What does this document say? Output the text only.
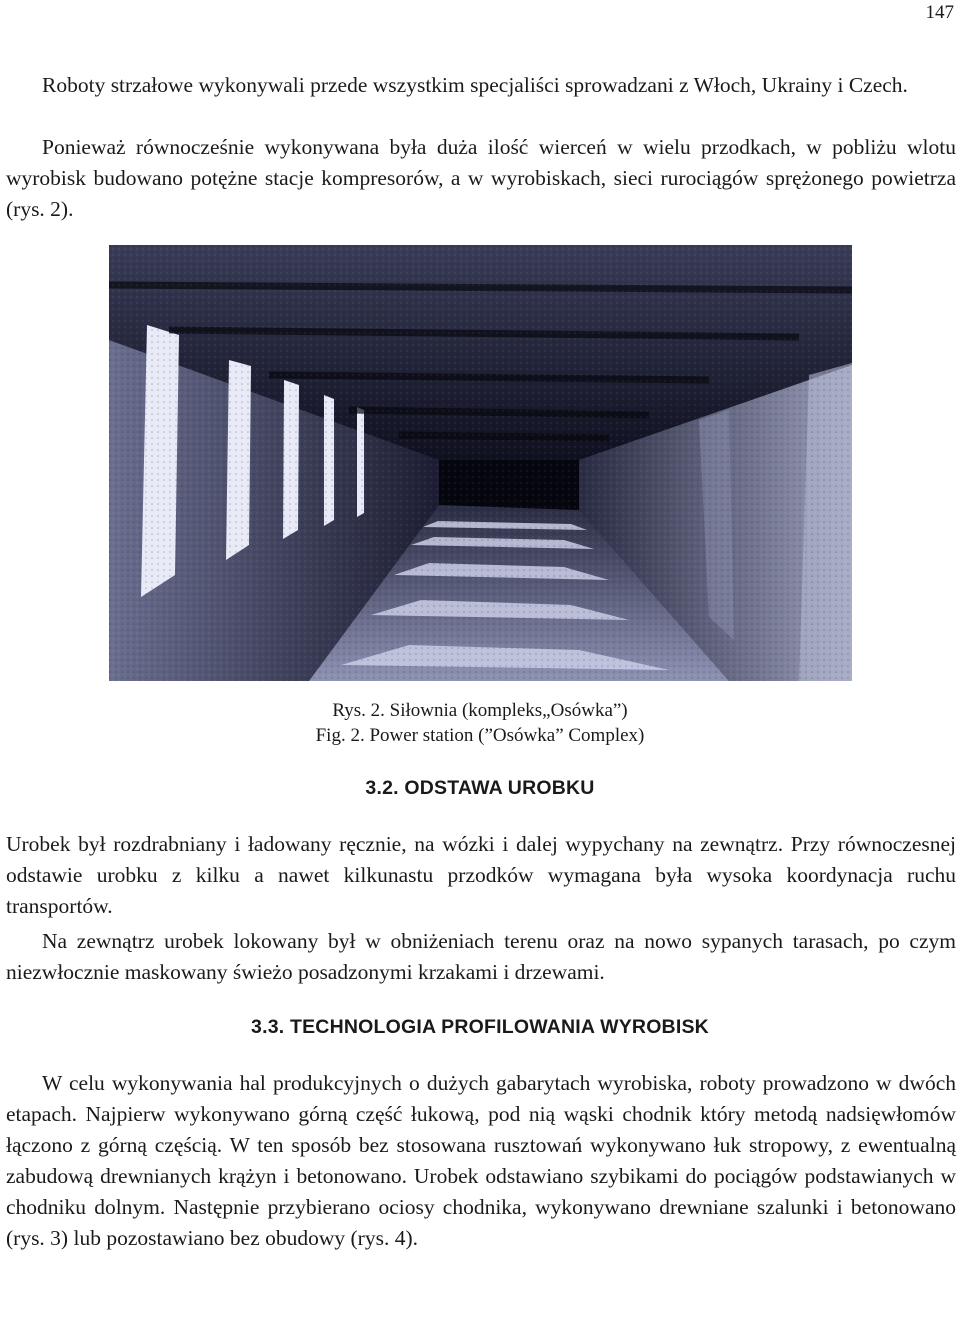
147

Roboty strzałowe wykonywali przede wszystkim specjaliści sprowadzani z Włoch, Ukrainy i Czech.

Ponieważ równocześnie wykonywana była duża ilość wierceń w wielu przodkach, w pobliżu wlotu wyrobisk budowano potężne stacje kompresorów, a w wyrobiskach, sieci rurociągów sprężonego powietrza (rys. 2).

Rys. 2. Siłownia (kompleks„Osówka”)

Fig. 2. Power station (”Osówka” Complex)

3.2. ODSTAWA UROBKU

Urobek był rozdrabniany i ładowany ręcznie, na wózki i dalej wypychany na zewnątrz. Przy równoczesnej odstawie urobku z kilku a nawet kilkunastu przodków wymagana była wysoka koordynacja ruchu transportów.

Na zewnątrz urobek lokowany był w obniżeniach terenu oraz na nowo sypanych tarasach, po czym niezwłocznie maskowany świeżo posadzonymi krzakami i drzewami.

3.3. TECHNOLOGIA PROFILOWANIA WYROBISK

W celu wykonywania hal produkcyjnych o dużych gabarytach wyrobiska, roboty prowadzono w dwóch etapach. Najpierw wykonywano górną część łukową, pod nią wąski chodnik który metodą nadsięwłomów łączono z górną częścią. W ten sposób bez stosowana rusztowań wykonywano łuk stropowy, z ewentualną zabudową drewnianych krążyn i betonowano. Urobek odstawiano szybikami do pociągów podstawianych w chodniku dolnym. Następnie przybierano ociosy chodnika, wykonywano drewniane szalunki i betonowano (rys. 3) lub pozostawiano bez obudowy (rys. 4).
